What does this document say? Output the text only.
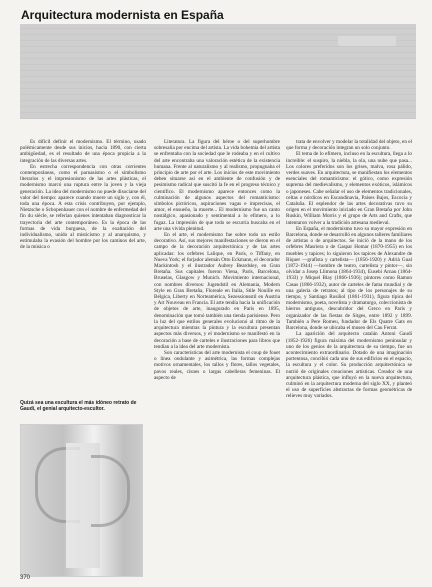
Arquitectura modernista en España

Es difícil definir el modernismo. El término, usado polémicamente desde sus inicios, hacia 1890, con cierta ambigüedad, es el resultado de una época propicia a la integración de las diversas artes.

En estrecha correspondencia con otras corrientes contemporáneas, como el parnasismo o el simbolismo literarios y el impresionismo de las artes plásticas, el modernismo marcó una ruptura entre la joven y la vieja generación. La idea del modernismo no puede disociarse del valor del tiempo: aparece cuando muere un siglo y, con él, toda una época. A esta crisis contribuyen, por ejemplo, Nietzsche o Schopenhauer con el nombre de enfermedad del fin du siècle, se referían quienes intentaban diagnosticar la trayectoria del arte contemporáneo. Es la época de las formas de vida burguesa, de la exaltación del individualismo, unido al misticismo y al anarquismo, y estimulaba la evasión del hombre por los caminos del arte, de la música o

Quizá sea una escultura el más idóneo retrato de Gaudí, el genial arquitecto-escultor.

Literatura. La figura del héroe o del superhombre sobresalía por encima del artista. La vida bohemia del artista se enfrentaba con la sociedad que le rodeaba y en el cultivo del arte encontraba una valoración estética de la existencia humana. Frente al naturalismo y al realismo, propugnaba el principio de arte por el arte. Los inicios de este movimiento deben situarse así en el ambiente de confusión y de pesimismo radical que suscitó la fe en el progreso técnico y científico. El modernismo aparece entonces como la culminación de algunos aspectos del romanticismo: símbolos pictóricos, aspiraciones vagas e imprecisas, el amor, el ensueño, la muerte... El modernismo fue un canto nostálgico, apasionado y sentimental a lo efímero, a lo fugaz. La impresión de que todo se escurría buscaba en el arte una vivida plenitud.

En el arte, el modernismo fue sobre todo un estilo decorativo. Así, sus mejores manifestaciones se dieron en el campo de la decoración arquitectónica y de las artes aplicadas: los orfebres Lalique, en París, o Tiffany, en Nueva York; el forjador alemán Otto Eckmann, el decorador Mackintosh y el ilustrador Aubrey Beardsley, en Gran Bretaña. Sus capitales fueron Viena, París, Barcelona, Bruselas, Glasgow y Munich. Movimiento internacional, con nombres diversos: Jugendstil en Alemania, Modern Style en Gran Bretaña, Floreale en Italia, Stile Nouille en Bélgica, Liberty en Norteamérica, Sezessionsstil en Austria y Art Nouveau en Francia. El arte tendía hacia la unificación de objetos de arte, inaugurado en París en 1895, denominación que tomó también una tienda parisiense. Pero la luz del que estilos generales evolucionó al ritmo de la arquitectura mientras la pintura y la escultura presentan aspectos más diversos, y el modernismo se manifestó en la decoración a base de carteles e ilustraciones para libros que tendían a la idea del arte modernista.

Son características del arte modernista el coup de fouet o línea ondulante y asimétrica, las formas complejas motivos ornamentales, los tallos y flores, tallos vegetales, pavos reales, cisnes o largas cabelleras femeninas. El aspecto de

trata de envolver y modelar la totalidad del objeto, en el que forma y decoración integran un solo conjunto.

El tema de lo efímero, incluso en la escultura, llega a lo increíble: el suspiro, la niebla, la ola, una nube que pasa... Los colores preferidos son los grises, malva, rosa pálido, verdes suaves. En arquitectura, se manifiestan los elementos esenciales del romanticismo: el gótico, como expresión suprema del medievalismo, y elementos exóticos, islámicos o japoneses. Cabe señalar el uso de elementos tradicionales, celtas o nórdicos en Escandinavia, Países Bajos, Escocia y Cataluña. El esplendor de las artes decorativas tuvo su origen en el movimiento iniciado en Gran Bretaña por John Ruskin, William Morris y el grupo de Arts and Crafts, que intentaron volver a la tradición artesana medieval.

En España, el modernismo tuvo su mayor expresión en Barcelona, donde se desarrolló en algunos talleres familiares de artistas o de arquitectos. Se inició de la mano de los orfebres Masriera o de Gaspar Homar (1870-1955) en los muebles y tapices; lo siguieron los tapices de Alexandre de Riquer —grafista y cartelista— (1856-1920) y Adrià Gual (1872-1944) —hombre de teatro, cartelista y pintor—, sin olvidar a Josep Llimona (1864-1934), Eusebi Arnau (1864-1933) y Miquel Blay (1866-1936); pintores como Ramon Casas (1866-1932), autor de carteles de fama mundial y de una galería de retratos; al tipo de los personajes de su tiempo, y Santiago Rusiñol (1861-1931), figura típica del modernismo, poeta, novelista y dramaturgo, coleccionista de hierros antiguos, descubridor del Greco en París y organizador de las fiestas de Sitges, entre 1892 y 1899. También a Pere Romeu, fundador de Els Quatre Gats en Barcelona, donde se ubicaba el museo del Cau Ferrat.

La aparición del arquitecto catalán Antoni Gaudí (1852-1926) figura máxima del modernismo peninsular y uno de los genios de la arquitectura de su tiempo, fue un acontecimiento extraordinario. Dotado de una imaginación portentosa, concibió cada uno de sus edificios en el espacio, la escultura y el color. Su producción arquitectónica se nutrió de originales creaciones artísticas. Creador de una arquitectura plástica, que influyó en la nueva arquitectura, culminó en la arquitectura moderna del siglo XX, y planteó el uso de superficies abstractas de formas geométricas de relieves muy variados.

370
